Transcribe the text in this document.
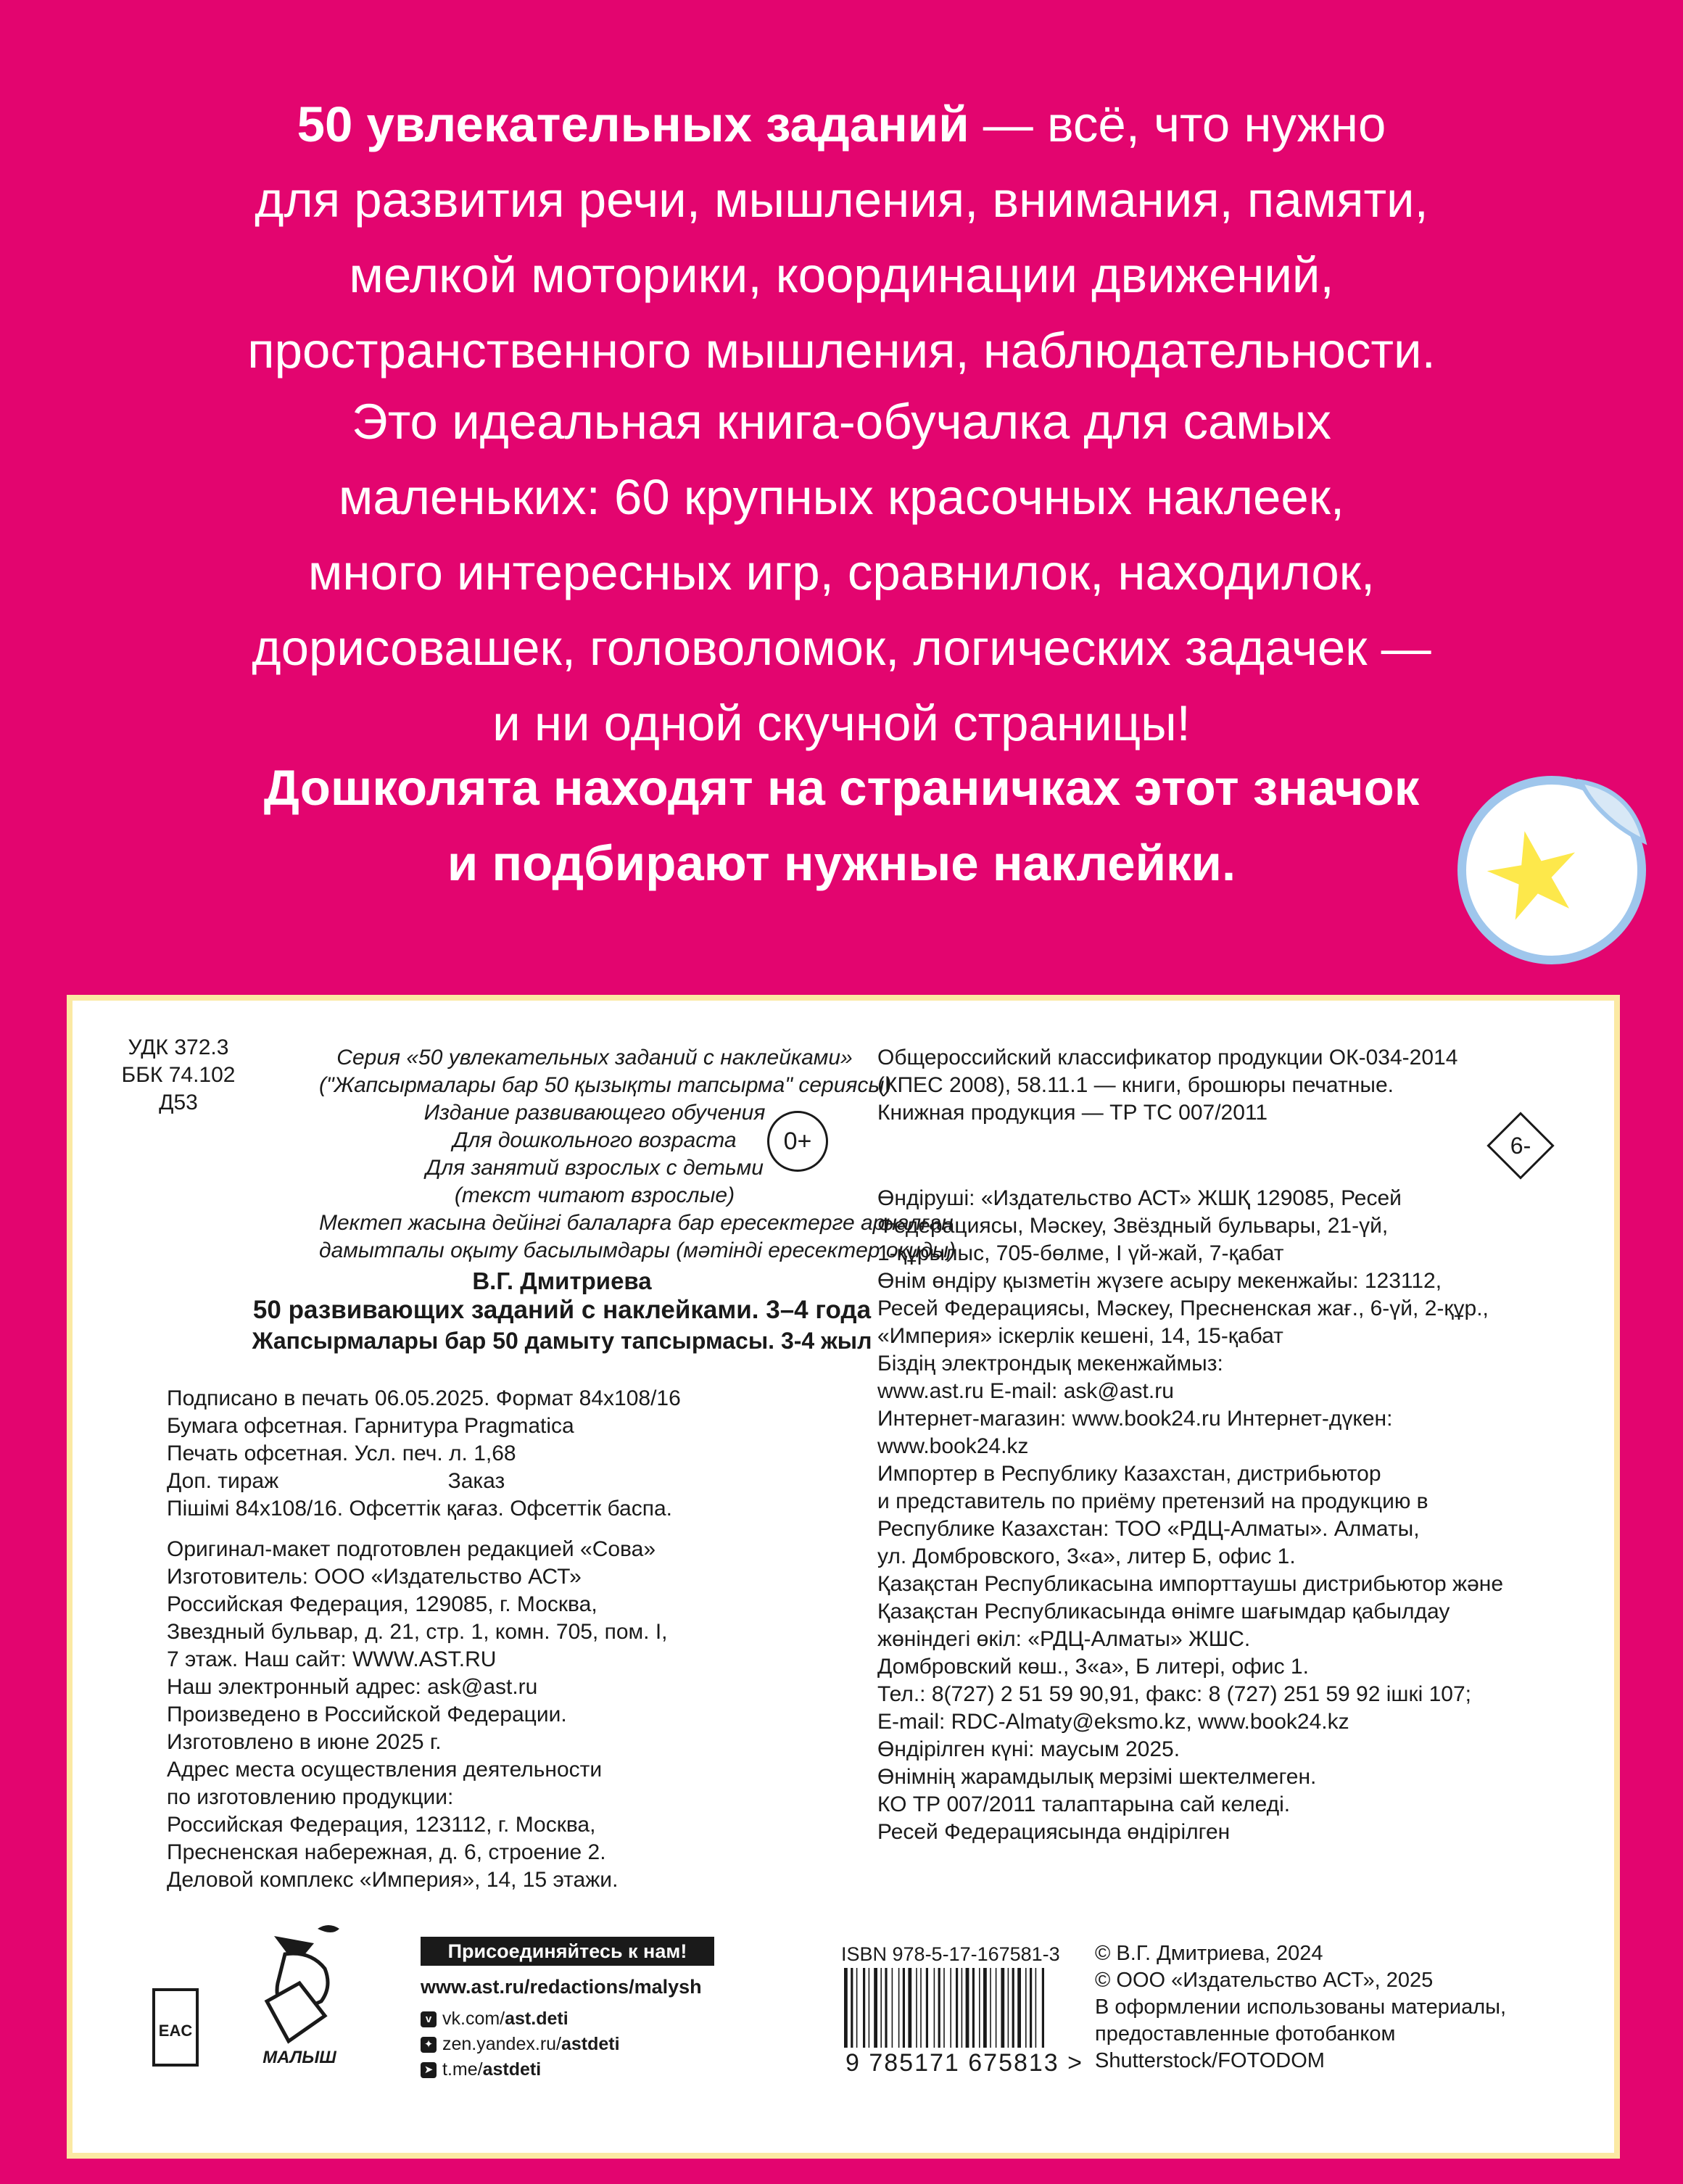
50 увлекательных заданий — всё, что нужно
для развития речи, мышления, внимания, памяти,
мелкой моторики, координации движений,
пространственного мышления, наблюдательности.
Это идеальная книга-обучалка для самых
маленьких: 60 крупных красочных наклеек,
много интересных игр, сравнилок, находилок,
дорисовашек, головоломок, логических задачек —
и ни одной скучной страницы!
Дошколята находят на страничках этот значок
и подбирают нужные наклейки.
УДК 372.3
ББК 74.102
Д53
Серия «50 увлекательных заданий с наклейками»
("Жапсырмалары бар 50 қызықты тапсырма" сериясы)
Издание развивающего обучения
Для дошкольного возраста
Для занятий взрослых с детьми
(текст читают взрослые)
Мектеп жасына дейінгі балаларға бар ересектерге арналған
дамытпалы оқыту басылымдары (мәтінді ересектер оқиды)
0+
В.Г. Дмитриева
50 развивающих заданий с наклейками. 3–4 года
Жапсырмалары бар 50 дамыту тапсырмасы. 3-4 жыл
Подписано в печать 06.05.2025. Формат 84x108/16
Бумага офсетная. Гарнитура Pragmatica
Печать офсетная. Усл. печ. л. 1,68
Доп. тираж                            Заказ
Пішімі 84x108/16. Офсеттік қағаз. Офсеттік баспа.
Оригинал-макет подготовлен редакцией «Сова»
Изготовитель: ООО «Издательство АСТ»
Российская Федерация, 129085, г. Москва,
Звездный бульвар, д. 21, стр. 1, комн. 705, пом. I,
7 этаж. Наш сайт: WWW.AST.RU
Наш электронный адрес: ask@ast.ru
Произведено в Российской Федерации.
Изготовлено в июне 2025 г.
Адрес места осуществления деятельности
по изготовлению продукции:
Российская Федерация, 123112, г. Москва,
Пресненская набережная, д. 6, строение 2.
Деловой комплекс «Империя», 14, 15 этажи.
Общероссийский классификатор продукции ОК-034-2014
(КПЕС 2008), 58.11.1 — книги, брошюры печатные.
Книжная продукция — ТР ТС 007/2011
6-
Өндіруші: «Издательство АСТ» ЖШҚ 129085, Ресей
Федерациясы, Мәскеу, Звёздный бульвары, 21-үй,
1-құрылыс, 705-бөлме, I үй-жай, 7-қабат
Өнім өндіру қызметін жүзеге асыру мекенжайы: 123112,
Ресей Федерациясы, Мәскеу, Пресненская жағ., 6-үй, 2-құр.,
«Империя» іскерлік кешені, 14, 15-қабат
Біздің электрондық мекенжаймыз:
www.ast.ru E-mail: ask@ast.ru
Интернет-магазин: www.book24.ru Интернет-дүкен:
www.book24.kz
Импортер в Республику Казахстан, дистрибьютор
и представитель по приёму претензий на продукцию в
Республике Казахстан: ТОО «РДЦ-Алматы». Алматы,
ул. Домбровского, 3«а», литер Б, офис 1.
Қазақстан Республикасына импорттаушы дистрибьютор және
Қазақстан Республикасында өнімге шағымдар қабылдау
жөніндегі өкіл: «РДЦ-Алматы» ЖШС.
Домбровский көш., 3«а», Б литері, офис 1.
Тел.: 8(727) 2 51 59 90,91, факс: 8 (727) 251 59 92 ішкі 107;
E-mail: RDC-Almaty@eksmo.kz, www.book24.kz
Өндірілген күні: маусым 2025.
Өнімнің жарамдылық мерзімі шектелмеген.
КО ТР 007/2011 талаптарына сай келеді.
Ресей Федерациясында өндірілген
EAC
МАЛЫШ
Присоединяйтесь к нам!
www.ast.ru/redactions/malysh
v vk.com/ast.deti
✦ zen.yandex.ru/astdeti
➤ t.me/astdeti
ISBN 978-5-17-167581-3
9 785171 675813 >
© В.Г. Дмитриева, 2024
© ООО «Издательство АСТ», 2025
В оформлении использованы материалы,
предоставленные фотобанком
Shutterstock/FOTODOM
